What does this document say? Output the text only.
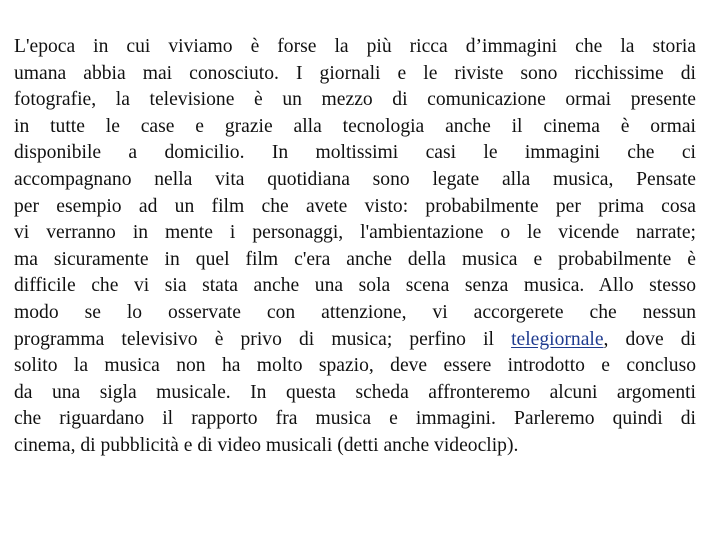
L'epoca in cui viviamo è forse la più ricca d’immagini che la storia
umana abbia mai conosciuto. I giornali e le riviste sono ricchissime di
fotografie, la televisione è un mezzo di comunicazione ormai presente
in tutte le case e grazie alla tecnologia anche il cinema è ormai
disponibile a domicilio. In moltissimi casi le immagini che ci
accompagnano nella vita quotidiana sono legate alla musica, Pensate
per esempio ad un film che avete visto: probabilmente per prima cosa
vi verranno in mente i personaggi, l'ambientazione o le vicende narrate;
ma sicuramente in quel film c'era anche della musica e probabilmente è
difficile che vi sia stata anche una sola scena senza musica. Allo stesso
modo se lo osservate con attenzione, vi accorgerete che nessun
programma televisivo è privo di musica; perfino il telegiornale, dove di
solito la musica non ha molto spazio, deve essere introdotto e concluso
da una sigla musicale. In questa scheda affronteremo alcuni argomenti
che riguardano il rapporto fra musica e immagini. Parleremo quindi di
cinema, di pubblicità e di video musicali (detti anche videoclip).
